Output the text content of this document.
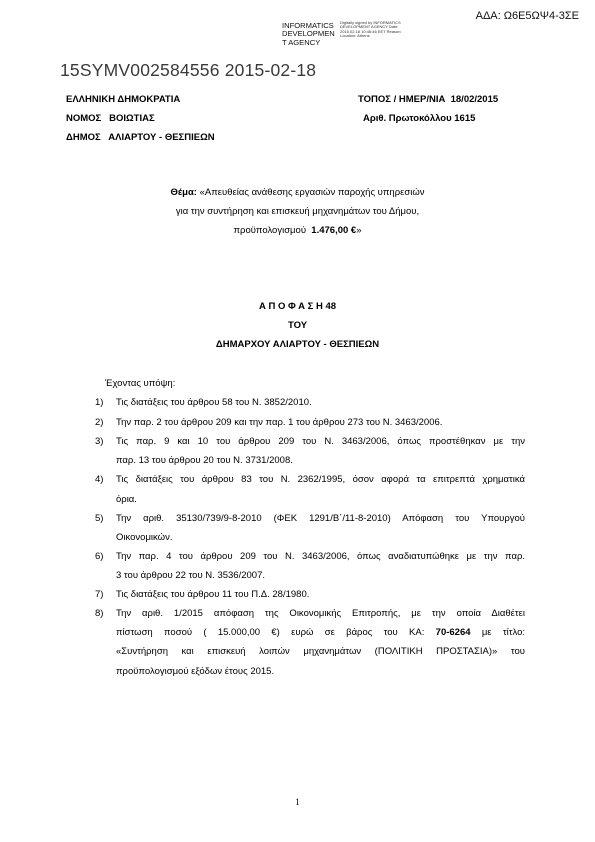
ΑΔΑ: Ω6Ε5ΩΨ4-3ΣΕ
INFORMATICS
DEVELOPMEN
T AGENCY
Digitally signed by INFORMATICS DEVELOPMENT AGENCY Date: 2015.02.18 10:46:46 EET Reason: Location: Athens
15SYMV002584556 2015-02-18
ΕΛΛΗΝΙΚΗ ΔΗΜΟΚΡΑΤΙΑ
ΝΟΜΟΣ   ΒΟΙΩΤΙΑΣ
ΔΗΜΟΣ   ΑΛΙΑΡΤΟΥ - ΘΕΣΠΙΕΩΝ
ΤΟΠΟΣ / ΗΜΕΡ/ΝΙΑ  18/02/2015
Αριθ. Πρωτοκόλλου 1615
Θέμα: «Απευθείας ανάθεσης εργασιών παροχής υπηρεσιών
για την συντήρηση και επισκευή μηχανημάτων του Δήμου,
προϋπολογισμού  1.476,00 €»
Α Π Ο Φ Α Σ Η 48
ΤΟΥ
ΔΗΜΑΡΧΟΥ ΑΛΙΑΡΤΟΥ - ΘΕΣΠΙΕΩΝ
Έχοντας υπόψη:
1) Τις διατάξεις του άρθρου 58 του Ν. 3852/2010.
2) Την παρ. 2 του άρθρου 209 και την παρ. 1 του άρθρου 273 του Ν. 3463/2006.
3) Τις παρ. 9 και 10 του άρθρου 209 του Ν. 3463/2006, όπως προστέθηκαν με την
παρ. 13 του άρθρου 20 του Ν. 3731/2008.
4) Τις διατάξεις του άρθρου 83 του Ν. 2362/1995, όσον αφορά τα επιτρεπτά χρηματικά
όρια.
5) Την αριθ. 35130/739/9-8-2010 (ΦΕΚ 1291/Β΄/11-8-2010) Απόφαση του Υπουργού
Οικονομικών.
6) Την παρ. 4 του άρθρου 209 του Ν. 3463/2006, όπως αναδιατυπώθηκε με την παρ.
3 του άρθρου 22 του Ν. 3536/2007.
7) Τις διατάξεις του άρθρου 11 του Π.Δ. 28/1980.
8) Την αριθ. 1/2015 απόφαση της Οικονομικής Επιτροπής, με την οποία Διαθέτει
πίστωση ποσού ( 15.000,00 €) ευρώ σε βάρος του ΚΑ: 70-6264 με τίτλο:
«Συντήρηση και επισκευή λοιπών μηχανημάτων (ΠΟΛΙΤΙΚΗ ΠΡΟΣΤΑΣΙΑ)» του
προϋπολογισμού εξόδων έτους 2015.
1
